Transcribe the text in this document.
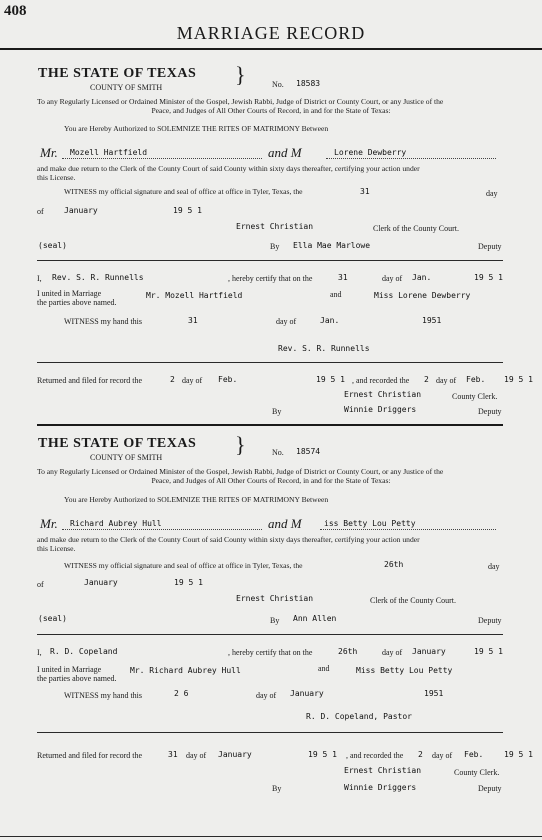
408
MARRIAGE RECORD
THE STATE OF TEXAS }
COUNTY OF SMITH	No. 18583
To any Regularly Licensed or Ordained Minister of the Gospel, Jewish Rabbi, Judge of District or County Court, or any Justice of the
Peace, and Judges of All Other Courts of Record, in and for the State of Texas:
You are Hereby Authorized to SOLEMNIZE THE RITES OF MATRIMONY Between
Mr. Mozell Hartfield	and M	Lorene Dewberry
and make due return to the Clerk of the County Court of said County within sixty days thereafter, certifying your action under
this License.
WITNESS my official signature and seal of office at office in Tyler, Texas, the	31	day
of	January	19 5 1
Ernest Christian	Clerk of the County Court.
(seal)	By Ella Mae Marlowe	Deputy
I, Rev. S. R. Runnells	, hereby certify that on the	31	day of Jan.	19 5 1
I united in Marriage
the parties above named.
Mr. Mozell Hartfield	and	Miss Lorene Dewberry
WITNESS my hand this	31	day of	Jan.	1951
Rev. S. R. Runnells
Returned and filed for record the	2 day of Feb.	19 5 1 , and recorded the 2 day of Feb. 19 5 1
Ernest Christian	County Clerk.
By	Winnie Driggers	Deputy
THE STATE OF TEXAS }
COUNTY OF SMITH
No. 18574
To any Regularly Licensed or Ordained Minister of the Gospel, Jewish Rabbi, Judge of District or County Court, or any Justice of the
Peace, and Judges of All Other Courts of Record, in and for the State of Texas:
You are Hereby Authorized to SOLEMNIZE THE RITES OF MATRIMONY Between
Mr. Richard Aubrey Hull	and M	iss Betty Lou Petty
and make due return to the Clerk of the County Court of said County within sixty days thereafter, certifying your action under
this License.
WITNESS my official signature and seal of office at office in Tyler, Texas, the	26th	day
of	January	19 5 1
Ernest Christian	Clerk of the County Court.
(seal)	By Ann Allen	Deputy
I, R. D. Copeland	, hereby certify that on the	26th	day of January	19 5 1
I united in Marriage
the parties above named.
Mr. Richard Aubrey Hull	and	Miss Betty Lou Petty
WITNESS my hand this	2 6	day of January	1951
R. D. Copeland, Pastor
Returned and filed for record the	31 day of January	19 5 1 , and recorded the 2 day of Feb.	19 5 1
Ernest Christian	County Clerk.
By	Winnie Driggers	Deputy
